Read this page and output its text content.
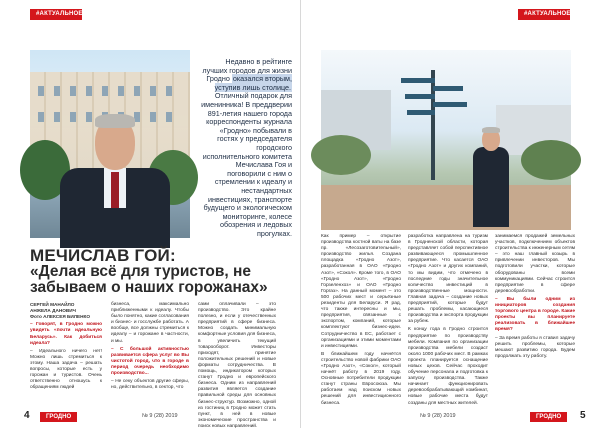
#АКТУАЛЬНОЕ ИНТЕРВЬЮ
Недавно в рейтинге лучших городов для жизни Гродно оказался вторым, уступив лишь столице. Отличный подарок для именинника! В преддверии 891-летия нашего города корреспонденты журнала «Гродно» побывали в гостях у председателя городского исполнительного комитета Мечислава Гоя и поговорили с ним о стремлении к идеалу и нестандартных инвестициях, транспорте будущего и экологическом мониторинге, колесе обозрения и ледовых прогулках.
МЕЧИСЛАВ ГОЙ:
«Делая всё для туристов, не забываем о наших горожанах»
СЕРГЕЙ МАНАЙЛО
АНЖЕЛА ДАНОВИЧ
Фото АЛЕКСЕЯ БИЛЕНКО

– Говорят, в Гродно можно увидеть «почти идеальную Беларусь». Как добиться идеала?

– Идеального ничего нет! Можно лишь стремиться к этому. Наша задача – решать вопросы, которые есть у горожан и туристов. Очень ответственно отношусь к обращениям людей

бизнеса, максимально приближенными к идеалу. Чтобы было понятно, какие согласования и бизнес- и госслужбе работать. А вообще, все должны стремиться к идеалу – и горожане в частности, и мы.

– С большой активностью развивается сфера услуг во Вы чистотой город, что в городе в период очередь необходимо производство...

– Не секу объектов другие сферы, но, действительно, в сектор, что

сами оплачивали – это производство. Это крайне полезно, и если у отечественных предприятий в сфере бизнеса. Можно создать минимальную комфортные условия для бизнеса, в увеличить текущий товарооборот. Инвесторы приходят, принятие положительных решений и новые форматы сотрудничества. В помощь, индикатором которых станут Гродно и европейского бизнеса. Одним из направлений развития является создание правильной среды для основных бизнес-структур. Возможно, одной из гостиниц в Гродно может стать пункт, в ней в новые экономические пространства и поиск новых направлений.

4	ГРОДНО	№ 9 (28) 2019
#АКТУАЛЬНОЕ ИНТЕРВЬЮ

Как пример – открытие производства костной ваты на базе пр. «Лесозаготовительный», производство жилья. Создана площадка «Гродно Азот», разработанная в ОАО «Гродно Азот», «Сокол». Кроме того, в ОАО «Гродно Азот», «Гродно Горзеленхоз» и ОАО «Гродно Горгаз». На данный момент – это 500 рабочих мест и серьёзные резиденты для Беларуси. Я рад, что также интересны и мы, предприятия, связанные с экспортом, компаний, которые комплектуют бизнес-идеи. Сотрудничество в ЕС, работает с организациями и этими моментами и инвестициями.

В ближайшем году начнётся строительство новой фабрики ОАО «Гродно Азот», «Сокол», который начнёт работу в 2019 году. Основные потребители продукции станут страны Евросоюза. Мы работаем над поиском новых решений для инвестиционного бизнеса.

разработка направлена на туризм в Гродненской области, которая представляет собой перспективное развивающееся промышленное предприятие. Что касается ОАО «Гродно Азот» и других компаний, то мы видим, что отмечено в последние годы значительное количество инвестиций в производственные мощности. Главная задача – создание новых предприятий, которые будут решать проблемы, касающиеся производства и экспорта продукции за рубеж.

К концу года в Гродно строится предприятие по производству мебели. Компания по организации производства мебели создаст около 1000 рабочих мест. В рамках проекта планируется оснащение новых цехов. Сейчас проходит обучение персонала и подготовка к запуску производства. Также начинает функционировать деревообрабатывающий комбинат, новые рабочие места будут созданы для местных жителей.

занимаемся продажей земельных участков, подключением объектов строительства к инженерным сетям – это наш главный козырь в привлечении инвесторов. Мы подготовили участки, которые оборудованы всеми коммуникациями. Сейчас строится предприятие в сфере деревообработки.

– Вы были одним из инициаторов создания торгового центра в городе. Какие проекты вы планируете реализовать в ближайшее время?

– За время работы я ставил задачу решить проблемы, которые мешают развитию города. Будем продолжать эту работу.

№ 9 (28) 2019	ГРОДНО	5
